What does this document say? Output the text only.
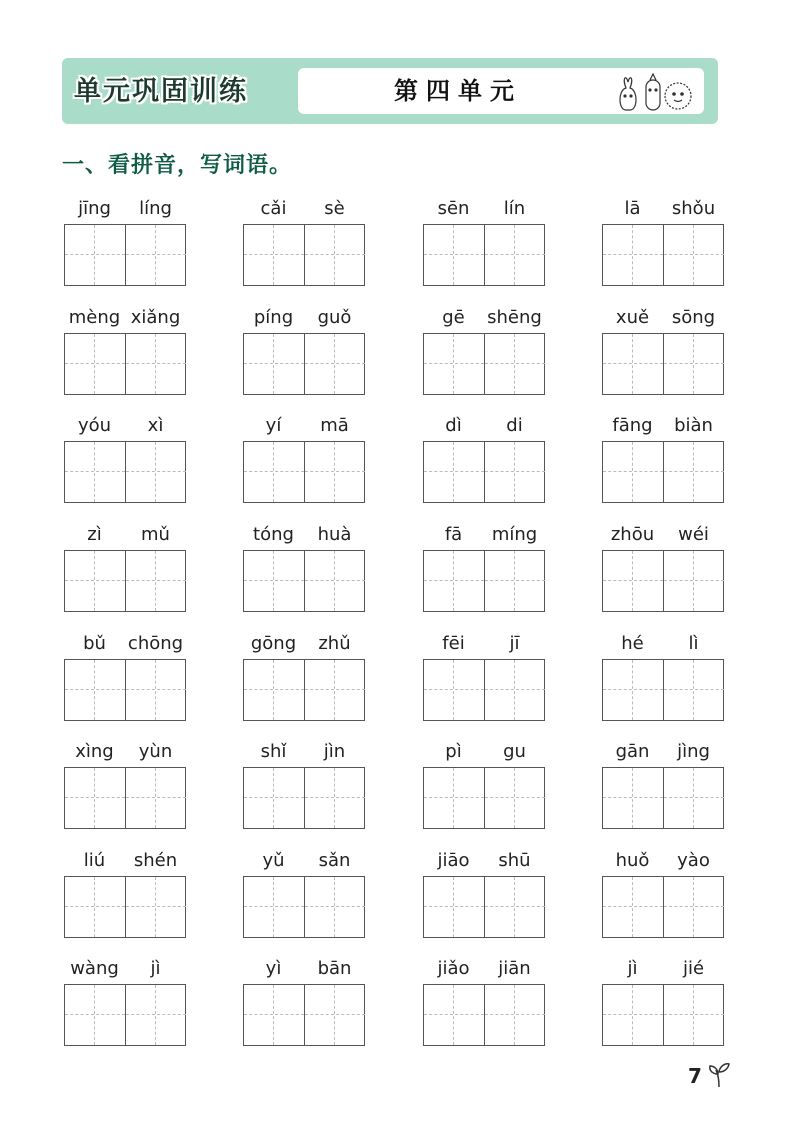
单元巩固训练	第四单元
一、看拼音，写词语。
jīng	líng	cǎi	sè	sēn	lín	lā	shǒu
mèng xiǎng	píng	guǒ	gē	shēng	xuě	sōng
yóu	xì	yí	mā	dì	di	fāng	biàn
zì	mǔ	tóng	huà	fā	míng	zhōu	wéi
bǔ	chōng	gōng	zhǔ	fēi	jī	hé	lì
xìng	yùn	shǐ	jìn	pì	gu	gān	jìng
liú	shén	yǔ	sǎn	jiāo	shū	huǒ	yào
wàng	jì	yì	bān	jiǎo	jiān	jì	jié
7
